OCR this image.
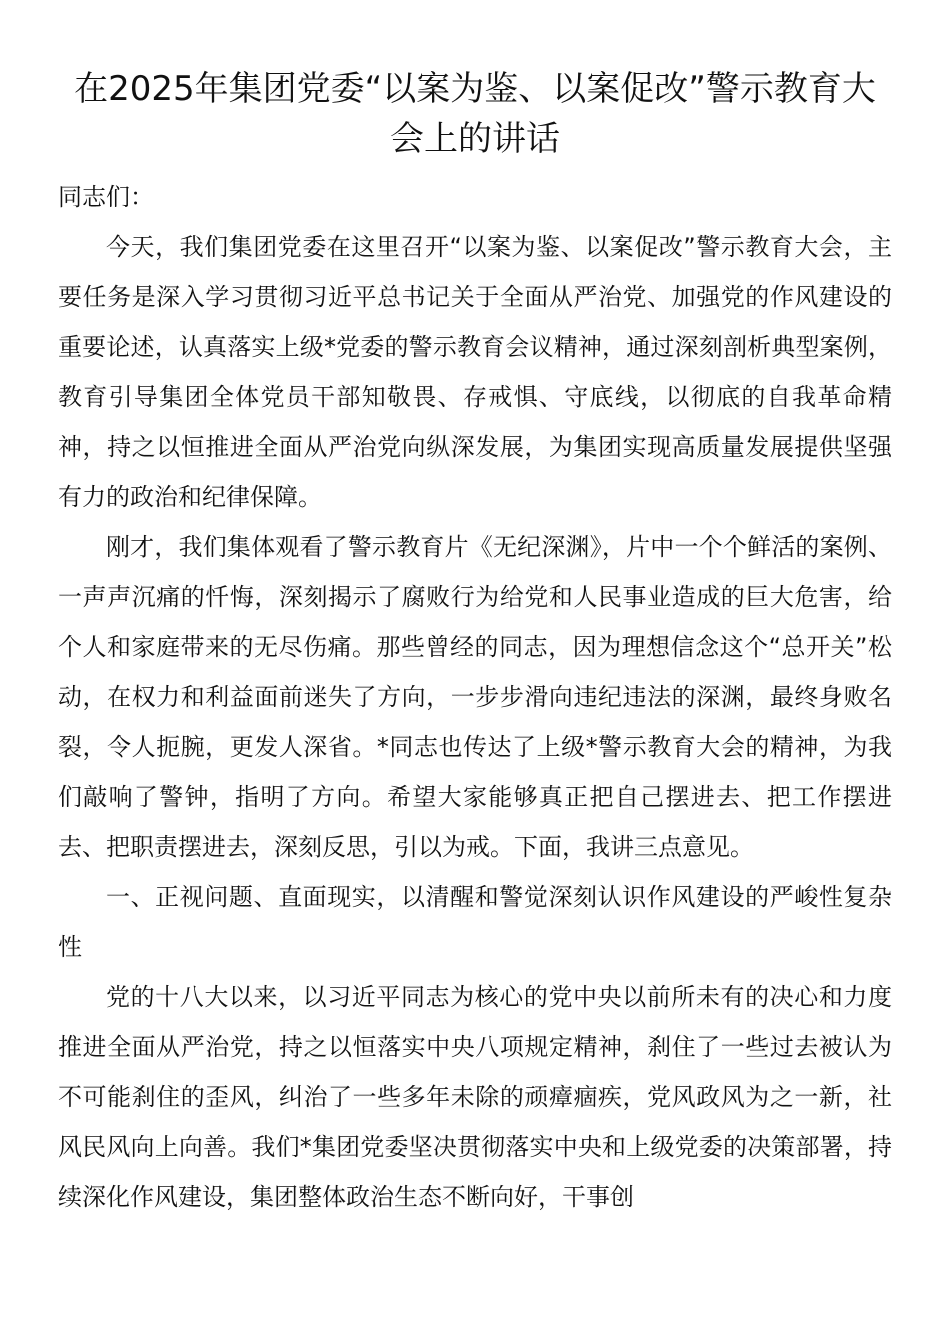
在2025年集团党委“以案为鉴、以案促改”警示教育大会上的讲话

同志们：

今天，我们集团党委在这里召开“以案为鉴、以案促改”警示教育大会，主要任务是深入学习贯彻习近平总书记关于全面从严治党、加强党的作风建设的重要论述，认真落实上级*党委的警示教育会议精神，通过深刻剖析典型案例，教育引导集团全体党员干部知敬畏、存戒惧、守底线，以彻底的自我革命精神，持之以恒推进全面从严治党向纵深发展，为集团实现高质量发展提供坚强有力的政治和纪律保障。

刚才，我们集体观看了警示教育片《无纪深渊》，片中一个个鲜活的案例、一声声沉痛的忏悔，深刻揭示了腐败行为给党和人民事业造成的巨大危害，给个人和家庭带来的无尽伤痛。那些曾经的同志，因为理想信念这个“总开关”松动，在权力和利益面前迷失了方向，一步步滑向违纪违法的深渊，最终身败名裂，令人扼腕，更发人深省。*同志也传达了上级*警示教育大会的精神，为我们敲响了警钟，指明了方向。希望大家能够真正把自己摆进去、把工作摆进去、把职责摆进去，深刻反思，引以为戒。下面，我讲三点意见。

一、正视问题、直面现实，以清醒和警觉深刻认识作风建设的严峻性复杂性

党的十八大以来，以习近平同志为核心的党中央以前所未有的决心和力度推进全面从严治党，持之以恒落实中央八项规定精神，刹住了一些过去被认为不可能刹住的歪风，纠治了一些多年未除的顽瘴痼疾，党风政风为之一新，社风民风向上向善。我们*集团党委坚决贯彻落实中央和上级党委的决策部署，持续深化作风建设，集团整体政治生态不断向好，干事创
